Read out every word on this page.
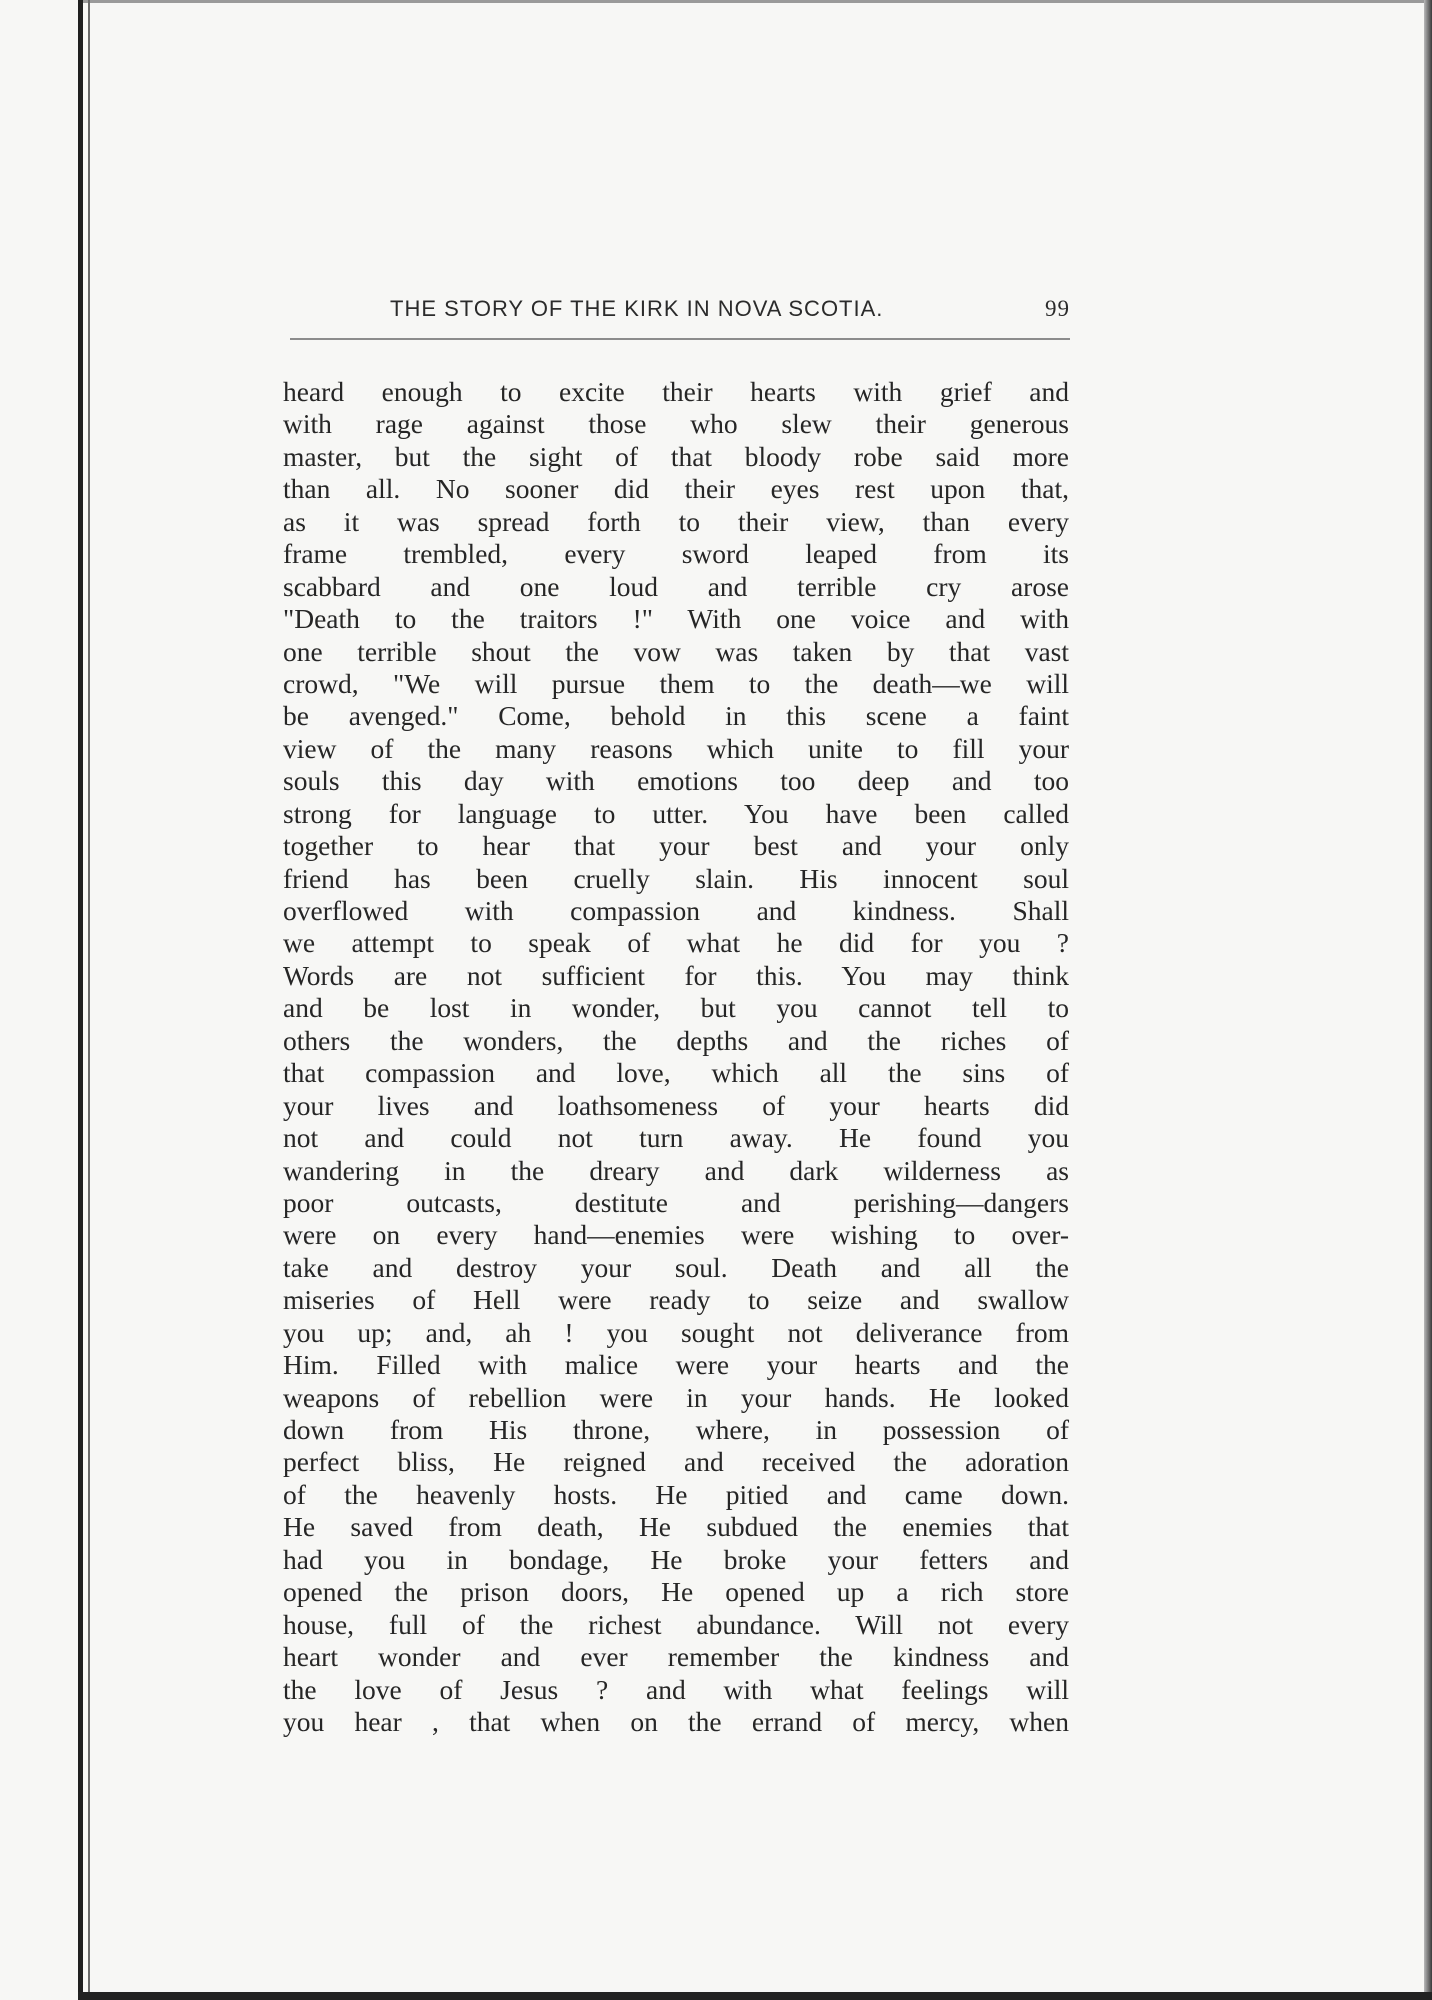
THE STORY OF THE KIRK IN NOVA SCOTIA.	99
heard enough to excite their hearts with grief and
with rage against those who slew their generous
master, but the sight of that bloody robe said more
than all. No sooner did their eyes rest upon that,
as it was spread forth to their view, than every
frame trembled, every sword leaped from its
scabbard and one loud and terrible cry arose
"Death to the traitors !" With one voice and with
one terrible shout the vow was taken by that vast
crowd, "We will pursue them to the death—we will
be avenged." Come, behold in this scene a faint
view of the many reasons which unite to fill your
souls this day with emotions too deep and too
strong for language to utter. You have been called
together to hear that your best and your only
friend has been cruelly slain. His innocent soul
overflowed with compassion and kindness. Shall
we attempt to speak of what he did for you ?
Words are not sufficient for this. You may think
and be lost in wonder, but you cannot tell to
others the wonders, the depths and the riches of
that compassion and love, which all the sins of
your lives and loathsomeness of your hearts did
not and could not turn away. He found you
wandering in the dreary and dark wilderness as
poor outcasts, destitute and perishing—dangers
were on every hand—enemies were wishing to over-
take and destroy your soul. Death and all the
miseries of Hell were ready to seize and swallow
you up; and, ah ! you sought not deliverance from
Him. Filled with malice were your hearts and the
weapons of rebellion were in your hands. He looked
down from His throne, where, in possession of
perfect bliss, He reigned and received the adoration
of the heavenly hosts. He pitied and came down.
He saved from death, He subdued the enemies that
had you in bondage, He broke your fetters and
opened the prison doors, He opened up a rich store
house, full of the richest abundance. Will not every
heart wonder and ever remember the kindness and
the love of Jesus ? and with what feelings will
you hear , that when on the errand of mercy, when
